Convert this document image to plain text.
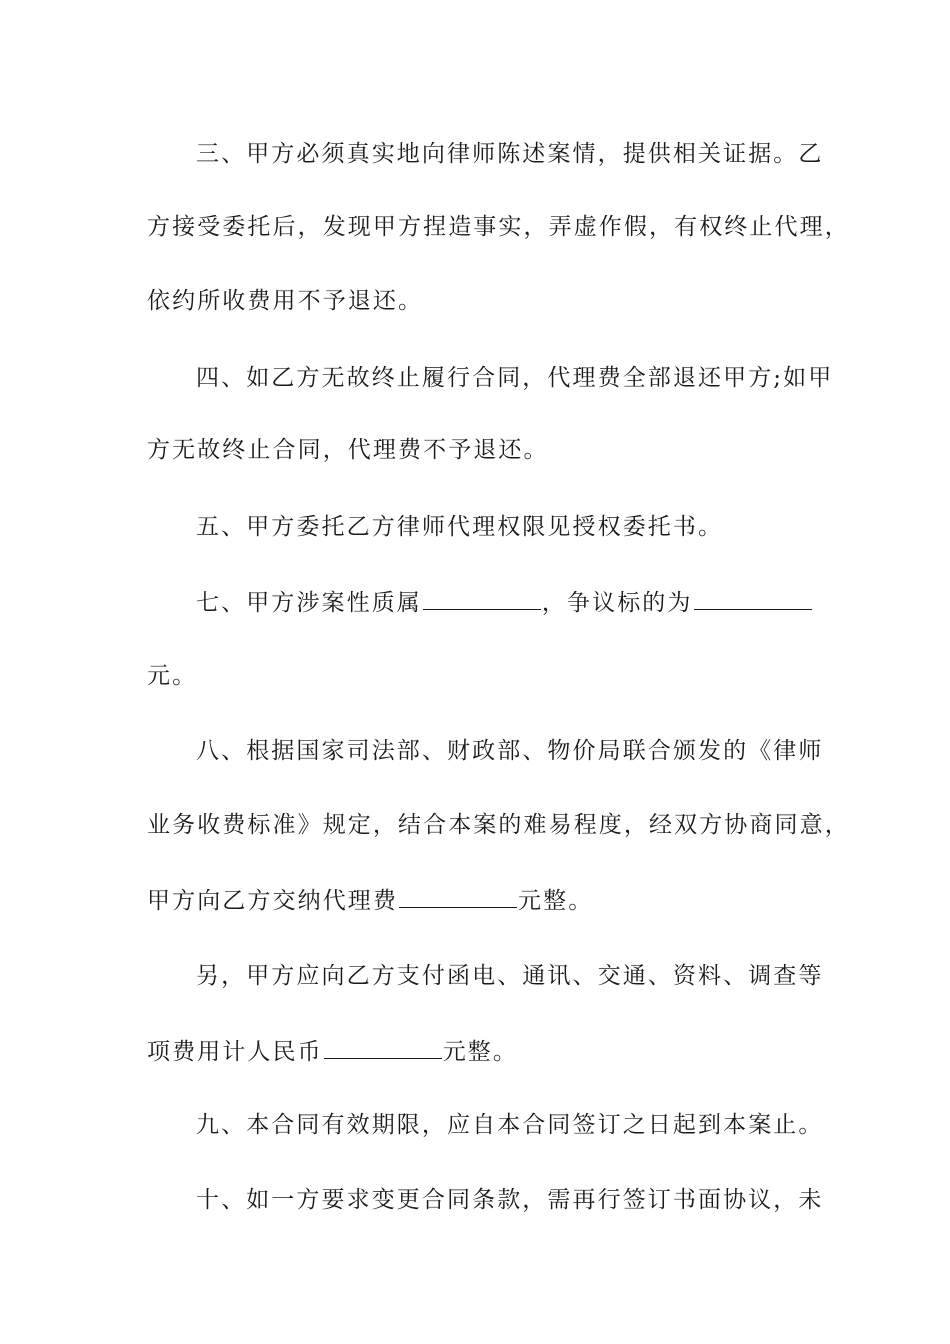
三、甲方必须真实地向律师陈述案情，提供相关证据。乙
方接受委托后，发现甲方捏造事实，弄虚作假，有权终止代理，
依约所收费用不予退还。
四、如乙方无故终止履行合同，代理费全部退还甲方;如甲
方无故终止合同，代理费不予退还。
五、甲方委托乙方律师代理权限见授权委托书。
七、甲方涉案性质属	，争议标的为
元。
八、根据国家司法部、财政部、物价局联合颁发的《律师
业务收费标准》规定，结合本案的难易程度，经双方协商同意，
甲方向乙方交纳代理费	元整。
另，甲方应向乙方支付函电、通讯、交通、资料、调查等
项费用计人民币	元整。
九、本合同有效期限，应自本合同签订之日起到本案止。
十、如一方要求变更合同条款，需再行签订书面协议，未
